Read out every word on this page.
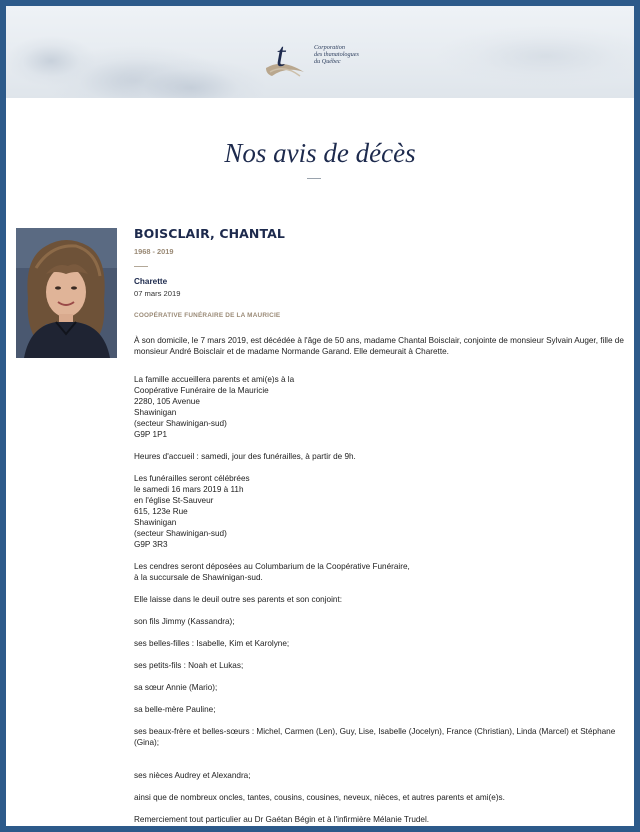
t	Corporation
des thanatologues
du Québec
Nos avis de décès
BOISCLAIR, CHANTAL
1968 - 2019
Charette
07 mars 2019
COOPÉRATIVE FUNÉRAIRE DE LA MAURICIE

À son domicile, le 7 mars 2019, est décédée à l'âge de 50 ans, madame Chantal Boisclair, conjointe de monsieur Sylvain Auger, fille de

monsieur André Boisclair et de madame Normande Garand. Elle demeurait à Charette.

La famille accueillera parents et ami(e)s à la

Coopérative Funéraire de la Mauricie

2280, 105 Avenue

Shawinigan

(secteur Shawinigan-sud)

G9P 1P1

Heures d'accueil : samedi, jour des funérailles, à partir de 9h.

Les funérailles seront célébrées

le samedi 16 mars 2019 à 11h

en l'église St-Sauveur

615, 123e Rue

Shawinigan

(secteur Shawinigan-sud)

G9P 3R3

Les cendres seront déposées au Columbarium de la Coopérative Funéraire,

à la succursale de Shawinigan-sud.

Elle laisse dans le deuil outre ses parents et son conjoint:

son fils Jimmy (Kassandra);

ses belles-filles : Isabelle, Kim et Karolyne;

ses petits-fils : Noah et Lukas;

sa sœur Annie (Mario);

sa belle-mère Pauline;

ses beaux-frère et belles-sœurs : Michel, Carmen (Len), Guy, Lise, Isabelle (Jocelyn), France (Christian), Linda (Marcel) et Stéphane (Gina);

ses nièces Audrey et Alexandra;

ainsi que de nombreux oncles, tantes, cousins, cousines, neveux, nièces, et autres parents et ami(e)s.

Remerciement tout particulier au Dr Gaétan Bégin et à l'infirmière Mélanie Trudel.
